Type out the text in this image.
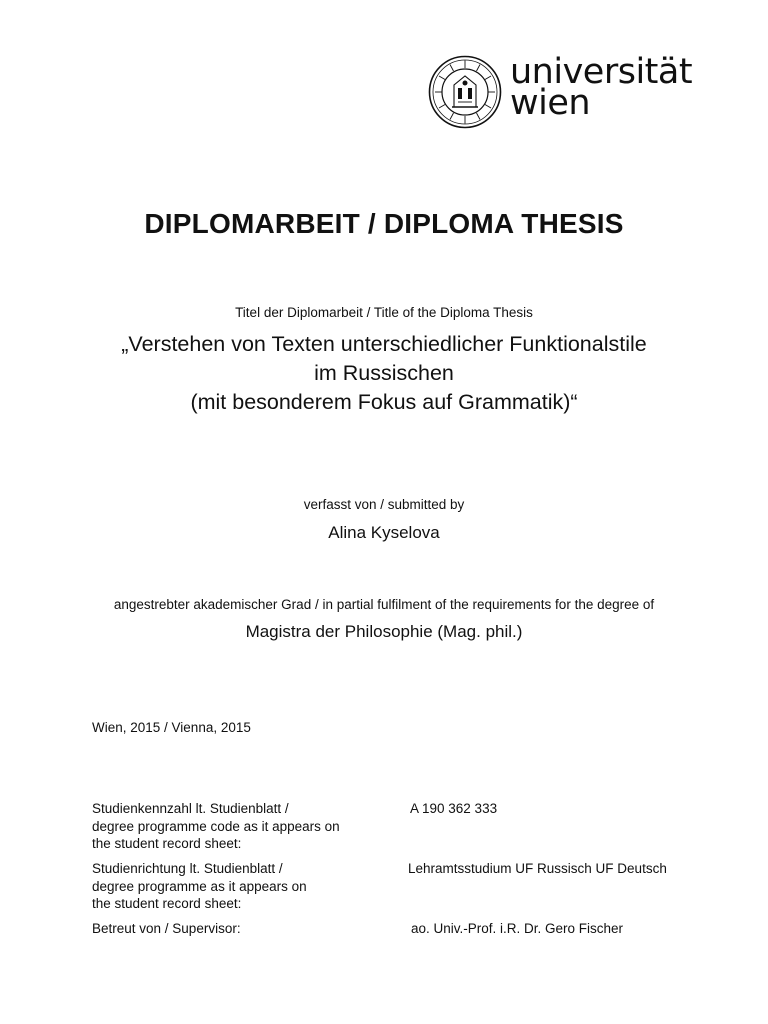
universität
wien
DIPLOMARBEIT / DIPLOMA THESIS
Titel der Diplomarbeit / Title of the Diploma Thesis
„Verstehen von Texten unterschiedlicher Funktionalstile
im Russischen
(mit besonderem Fokus auf Grammatik)“
verfasst von / submitted by
Alina Kyselova
angestrebter akademischer Grad / in partial fulfilment of the requirements for the degree of
Magistra der Philosophie (Mag. phil.)
Wien, 2015 / Vienna, 2015
Studienkennzahl lt. Studienblatt /
degree programme code as it appears on
the student record sheet:
A 190 362 333
Studienrichtung lt. Studienblatt /
degree programme as it appears on
the student record sheet:
Lehramtsstudium UF Russisch UF Deutsch
Betreut von / Supervisor:	ao. Univ.-Prof. i.R. Dr. Gero Fischer
